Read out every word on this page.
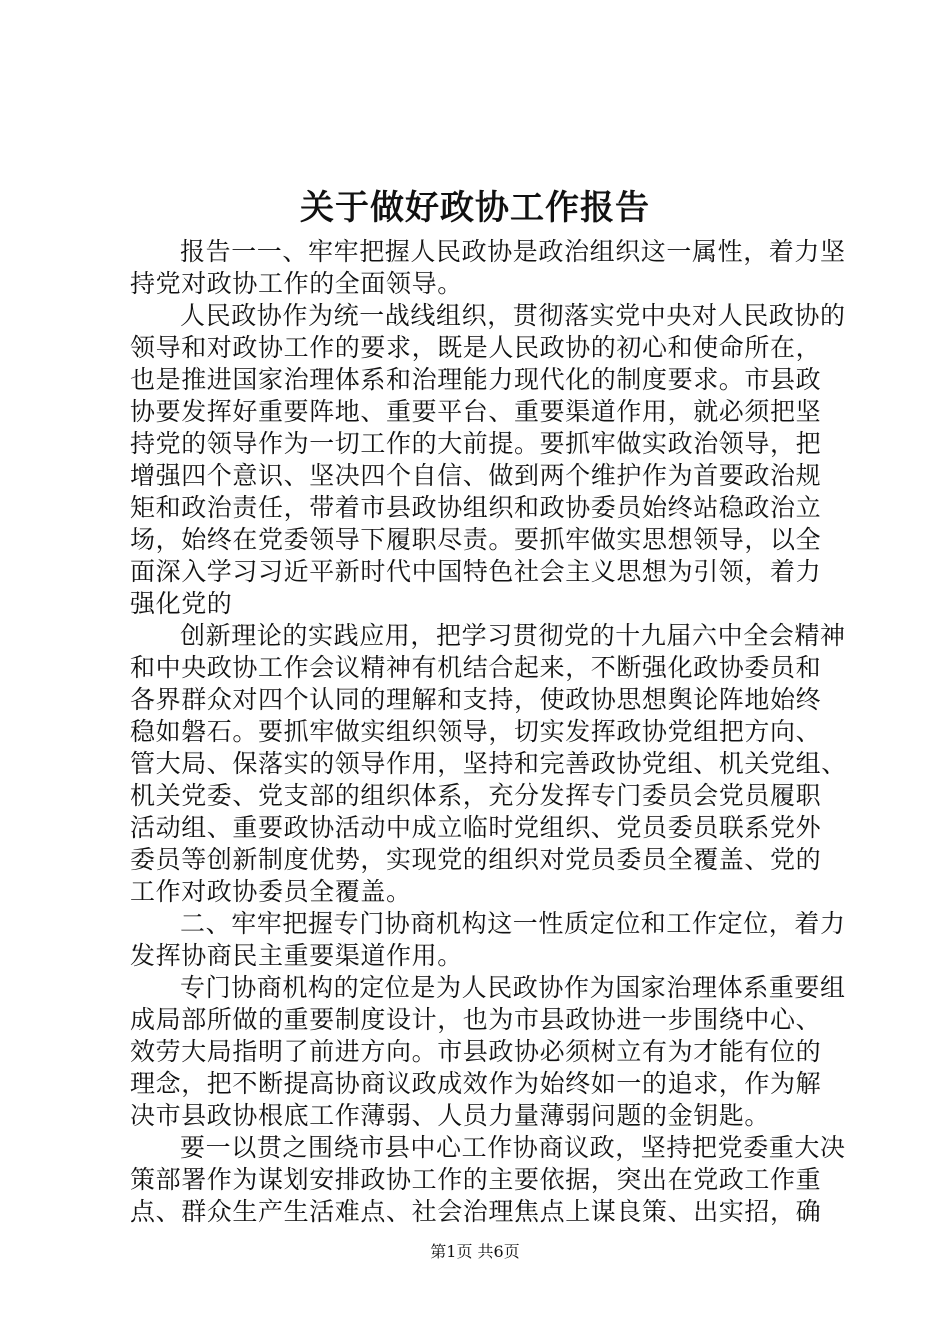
关于做好政协工作报告
报告一一、牢牢把握人民政协是政治组织这一属性，着力坚
持党对政协工作的全面领导。
人民政协作为统一战线组织，贯彻落实党中央对人民政协的
领导和对政协工作的要求，既是人民政协的初心和使命所在，
也是推进国家治理体系和治理能力现代化的制度要求。市县政
协要发挥好重要阵地、重要平台、重要渠道作用，就必须把坚
持党的领导作为一切工作的大前提。要抓牢做实政治领导，把
增强四个意识、坚决四个自信、做到两个维护作为首要政治规
矩和政治责任，带着市县政协组织和政协委员始终站稳政治立
场，始终在党委领导下履职尽责。要抓牢做实思想领导，以全
面深入学习习近平新时代中国特色社会主义思想为引领，着力
强化党的
创新理论的实践应用，把学习贯彻党的十九届六中全会精神
和中央政协工作会议精神有机结合起来，不断强化政协委员和
各界群众对四个认同的理解和支持，使政协思想舆论阵地始终
稳如磐石。要抓牢做实组织领导，切实发挥政协党组把方向、
管大局、保落实的领导作用，坚持和完善政协党组、机关党组、
机关党委、党支部的组织体系，充分发挥专门委员会党员履职
活动组、重要政协活动中成立临时党组织、党员委员联系党外
委员等创新制度优势，实现党的组织对党员委员全覆盖、党的
工作对政协委员全覆盖。
二、牢牢把握专门协商机构这一性质定位和工作定位，着力
发挥协商民主重要渠道作用。
专门协商机构的定位是为人民政协作为国家治理体系重要组
成局部所做的重要制度设计，也为市县政协进一步围绕中心、
效劳大局指明了前进方向。市县政协必须树立有为才能有位的
理念，把不断提高协商议政成效作为始终如一的追求，作为解
决市县政协根底工作薄弱、人员力量薄弱问题的金钥匙。
要一以贯之围绕市县中心工作协商议政，坚持把党委重大决
策部署作为谋划安排政协工作的主要依据，突出在党政工作重
点、群众生产生活难点、社会治理焦点上谋良策、出实招，确
第1页 共6页
